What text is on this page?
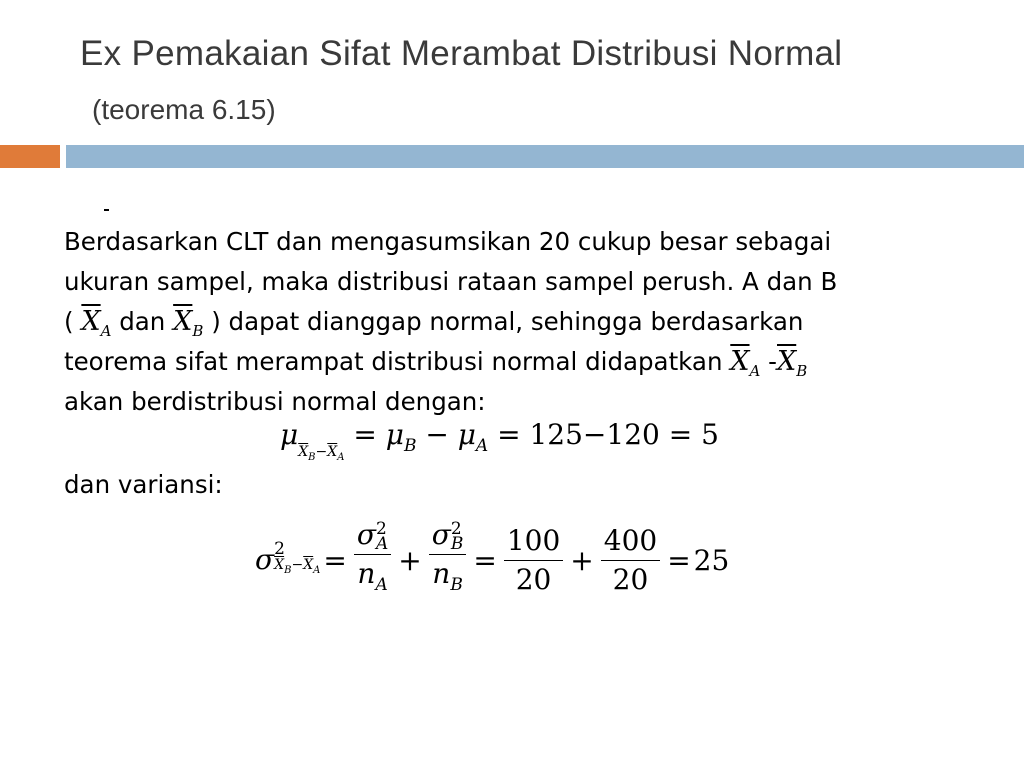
Ex Pemakaian Sifat Merambat Distribusi Normal
(teorema 6.15)
Berdasarkan CLT dan mengasumsikan 20 cukup besar sebagai
ukuran sampel, maka distribusi rataan sampel perush. A dan B
( $\overline{X}_A$ dan $\overline{X}_B$ ) dapat dianggap normal, sehingga berdasarkan
teorema sifat merampat distribusi normal didapatkan $\overline{X}_A$ $-\overline{X}_B$
akan berdistribusi normal dengan:
$\mu_{\overline{X}_B-\overline{X}_A} = \mu_B - \mu_A = 125-120 = 5$
dan variansi:
σ 2
$\overline{X}_B-\overline{X}_A = \sigma$ 2
A
$n_A + \sigma$ 2
B
$n_B = \frac{100}{20} + \frac{400}{20} = 25$
